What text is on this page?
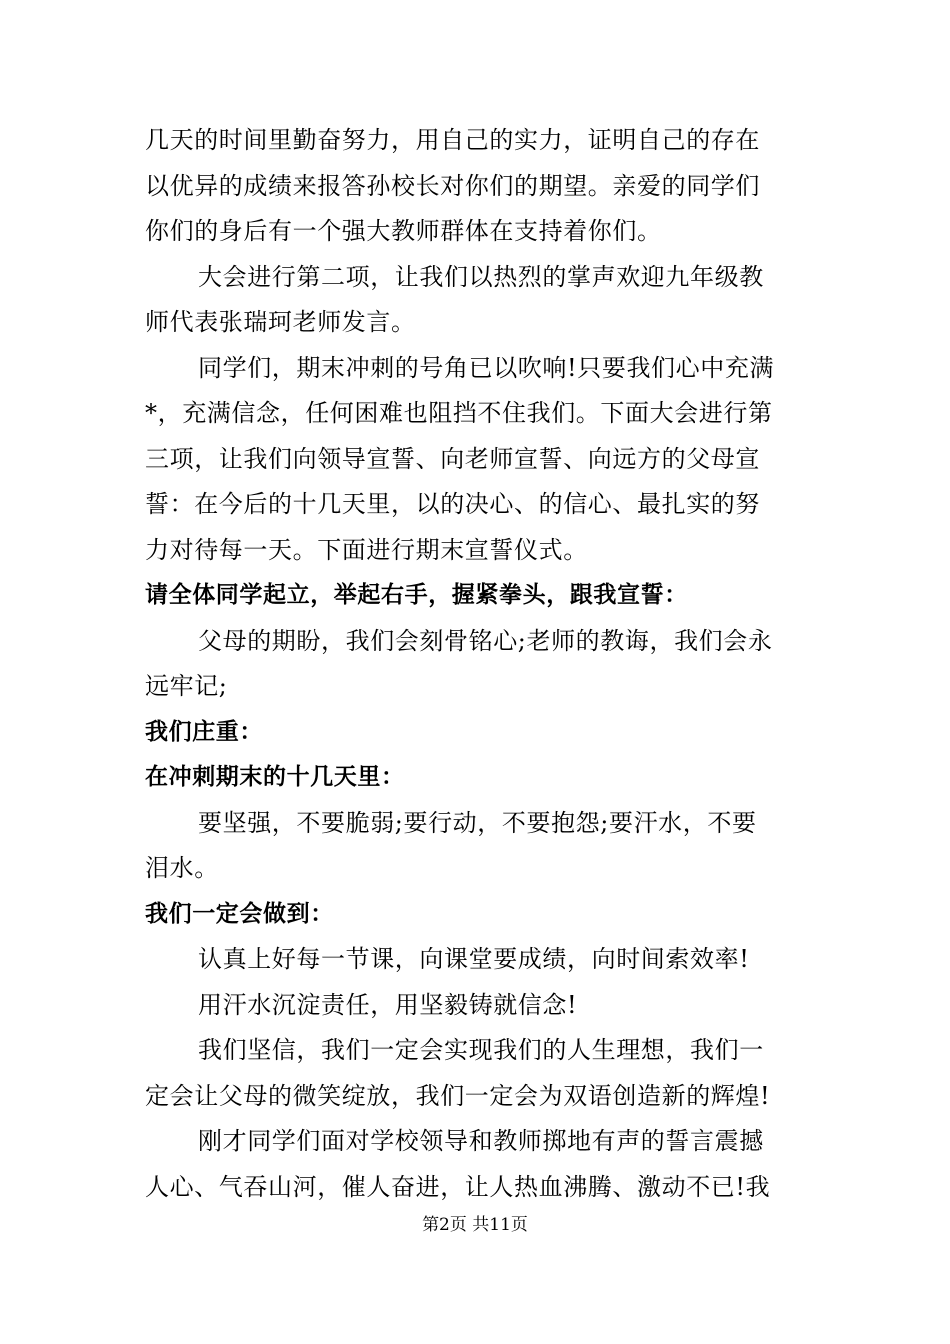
几天的时间里勤奋努力，用自己的实力，证明自己的存在
以优异的成绩来报答孙校长对你们的期望。亲爱的同学们
你们的身后有一个强大教师群体在支持着你们。
大会进行第二项，让我们以热烈的掌声欢迎九年级教
师代表张瑞珂老师发言。
同学们，期末冲刺的号角已以吹响!只要我们心中充满
*，充满信念，任何困难也阻挡不住我们。下面大会进行第
三项，让我们向领导宣誓、向老师宣誓、向远方的父母宣
誓：在今后的十几天里，以的决心、的信心、最扎实的努
力对待每一天。下面进行期末宣誓仪式。
请全体同学起立，举起右手，握紧拳头，跟我宣誓：
父母的期盼，我们会刻骨铭心;老师的教诲，我们会永
远牢记;
我们庄重：
在冲刺期末的十几天里：
要坚强，不要脆弱;要行动，不要抱怨;要汗水，不要
泪水。
我们一定会做到：
认真上好每一节课，向课堂要成绩，向时间索效率!
用汗水沉淀责任，用坚毅铸就信念!
我们坚信，我们一定会实现我们的人生理想，我们一
定会让父母的微笑绽放，我们一定会为双语创造新的辉煌!
刚才同学们面对学校领导和教师掷地有声的誓言震撼
人心、气吞山河，催人奋进，让人热血沸腾、激动不已!我
第2页 共11页
